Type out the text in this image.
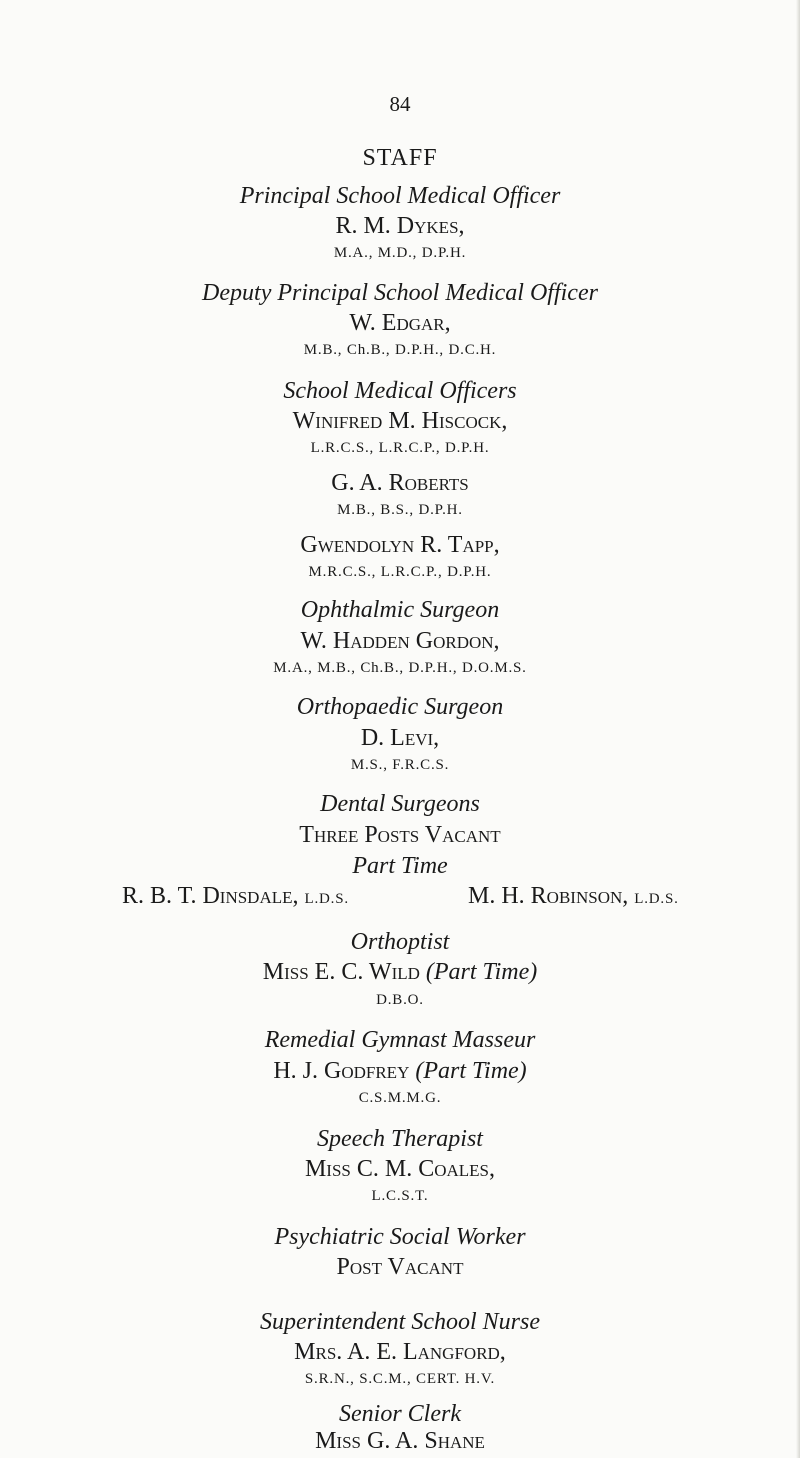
84
STAFF
Principal School Medical Officer
R. M. Dykes,
M.A., M.D., D.P.H.
Deputy Principal School Medical Officer
W. Edgar,
M.B., Ch.B., D.P.H., D.C.H.
School Medical Officers
Winifred M. Hiscock,
L.R.C.S., L.R.C.P., D.P.H.
G. A. Roberts
M.B., B.S., D.P.H.
Gwendolyn R. Tapp,
M.R.C.S., L.R.C.P., D.P.H.
Ophthalmic Surgeon
W. Hadden Gordon,
M.A., M.B., Ch.B., D.P.H., D.O.M.S.
Orthopaedic Surgeon
D. Levi,
M.S., F.R.C.S.
Dental Surgeons
Three Posts Vacant
Part Time
R. B. T. Dinsdale, L.D.S.	M. H. Robinson, L.D.S.
Orthoptist
Miss E. C. Wild (Part Time)
D.B.O.
Remedial Gymnast Masseur
H. J. Godfrey (Part Time)
C.S.M.M.G.
Speech Therapist
Miss C. M. Coales,
L.C.S.T.
Psychiatric Social Worker
Post Vacant
Superintendent School Nurse
Mrs. A. E. Langford,
S.R.N., S.C.M., CERT. H.V.
Senior Clerk
Miss G. A. Shane
